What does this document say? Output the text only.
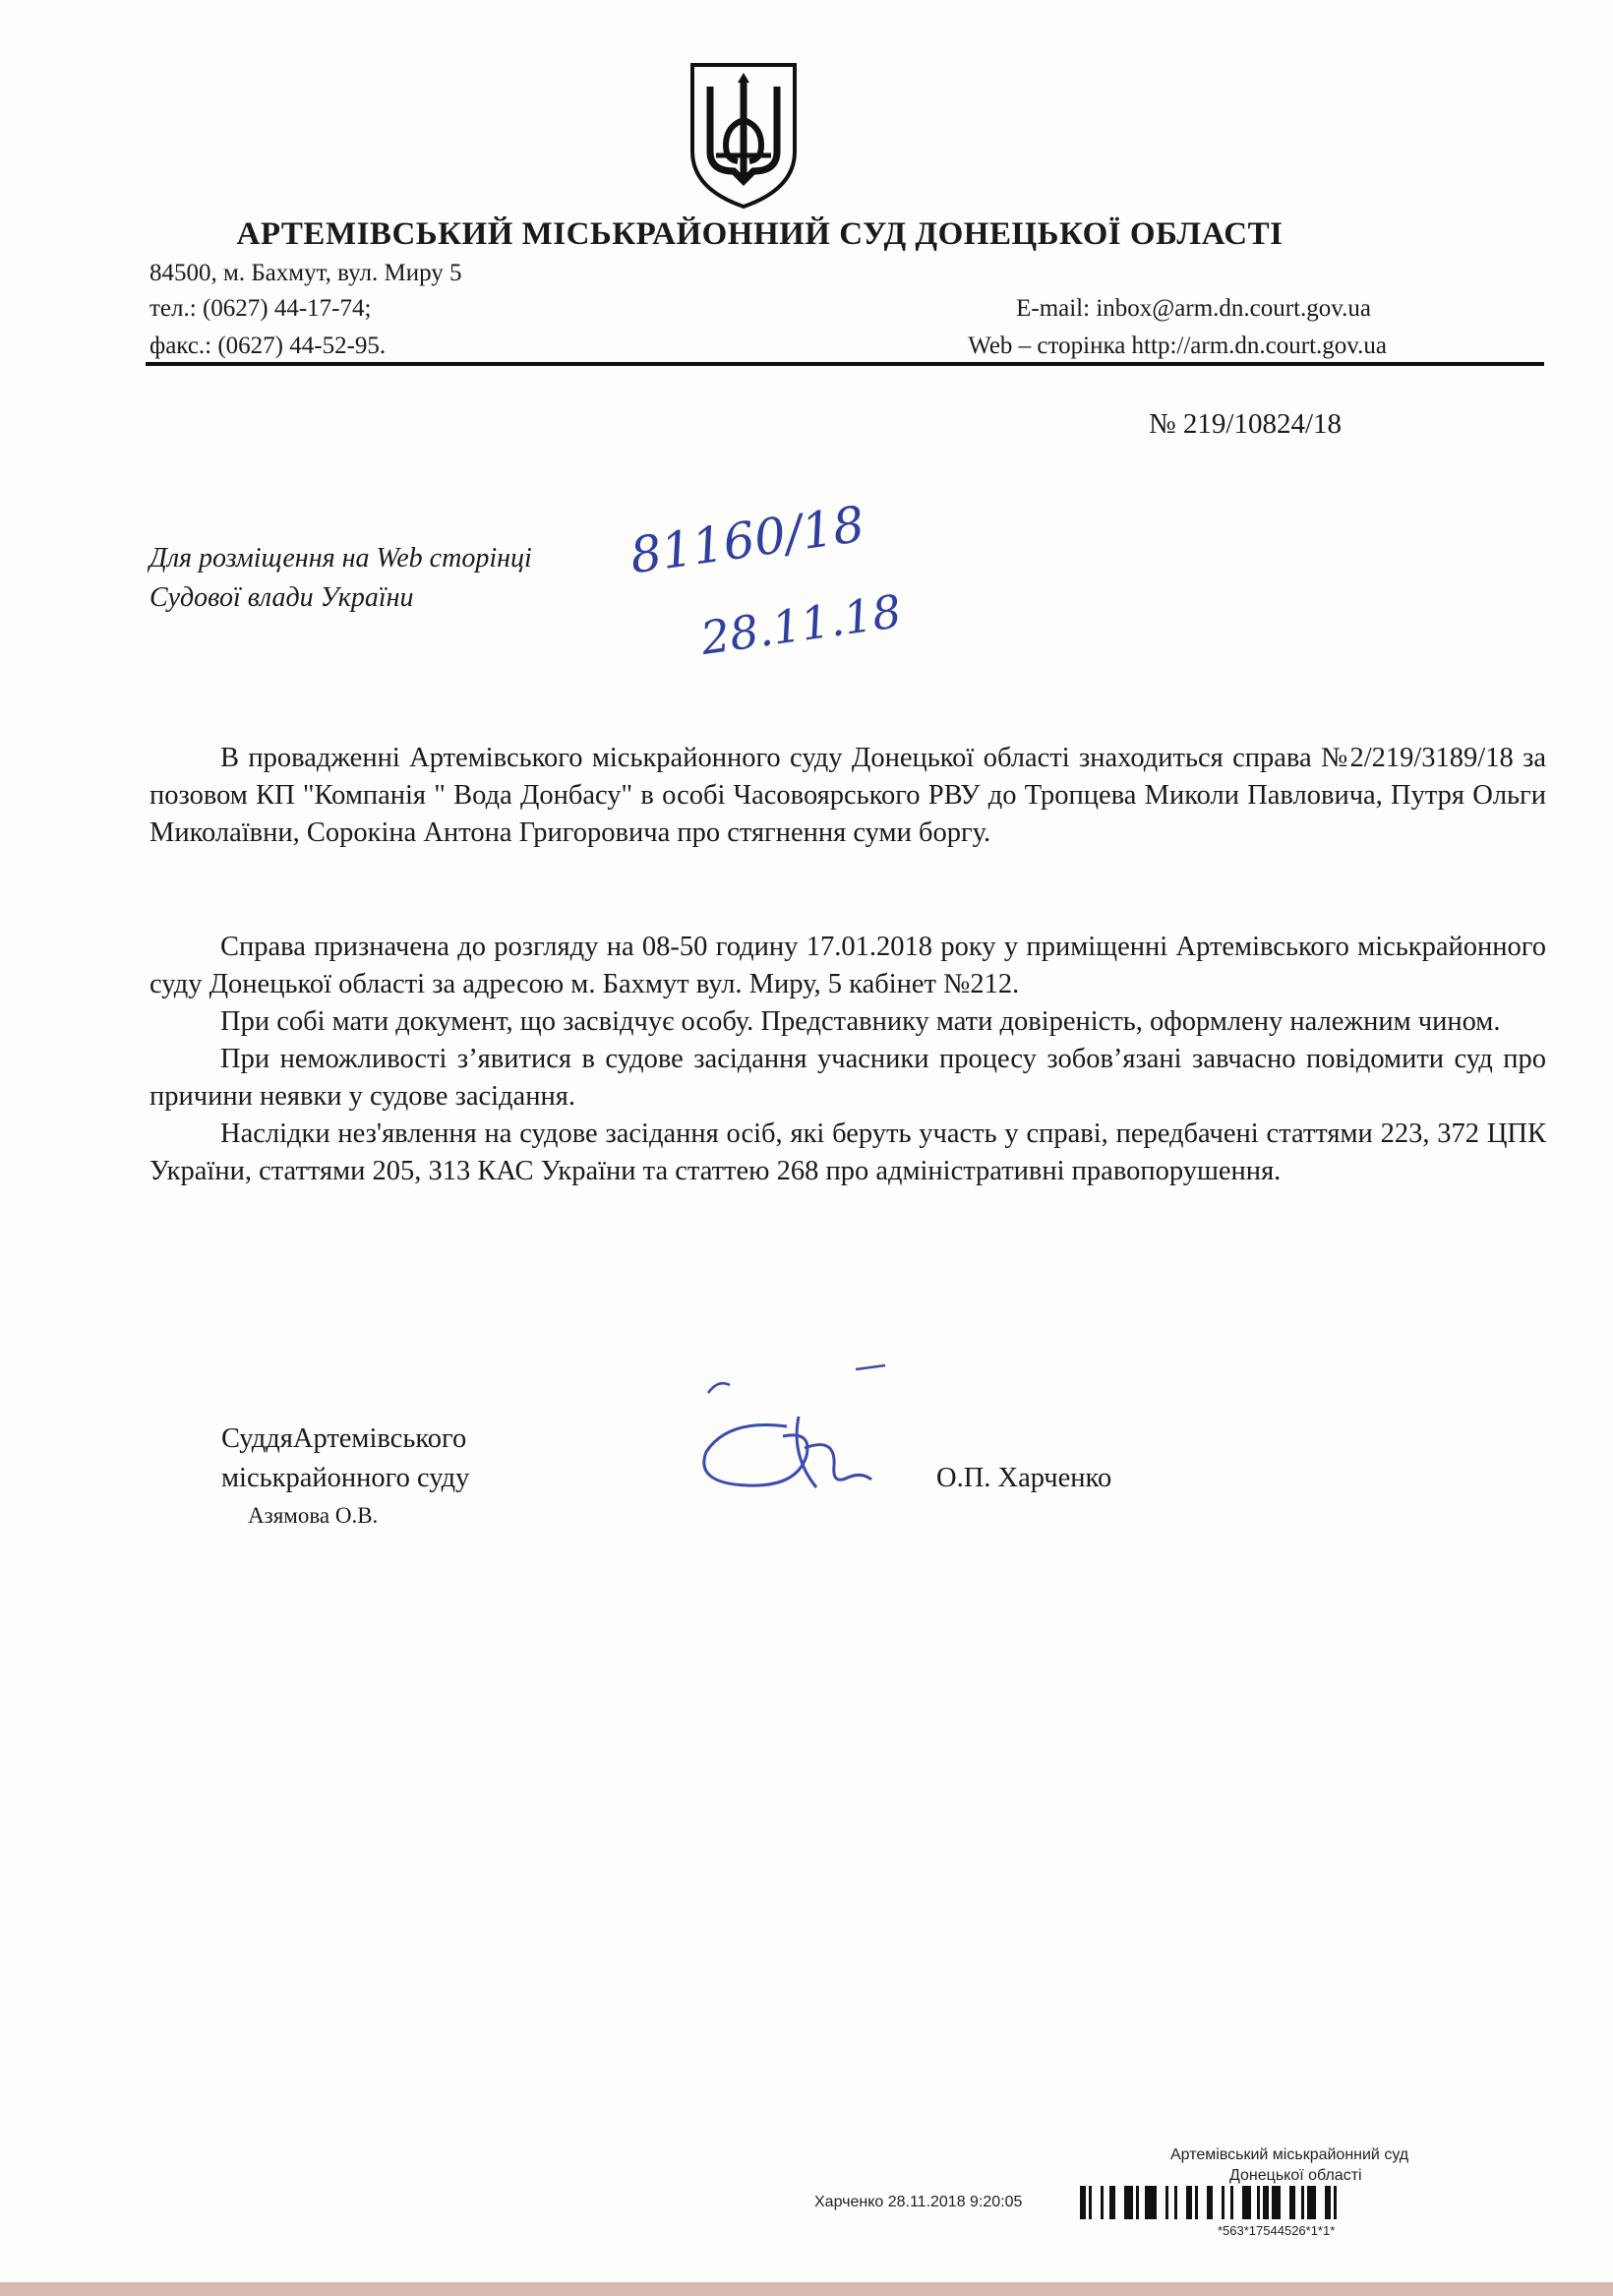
АРТЕМІВСЬКИЙ МІСЬКРАЙОННИЙ СУД ДОНЕЦЬКОЇ ОБЛАСТІ
84500, м. Бахмут, вул. Миру 5
тел.: (0627) 44-17-74;	E-mail: inbox@arm.dn.court.gov.ua
факс.: (0627) 44-52-95.	Web – сторінка http://arm.dn.court.gov.ua
№ 219/10824/18
Для розміщення на Web сторінці
Судової влади України
81160/18
28.11.18

В провадженні Артемівського міськрайонного суду Донецької області знаходиться справа №2/219/3189/18 за позовом КП "Компанія " Вода Донбасу" в особі Часовоярського РВУ до Тропцева Миколи Павловича, Путря Ольги Миколаївни, Сорокіна Антона Григоровича про стягнення суми боргу.

Справа призначена до розгляду на 08-50 годину 17.01.2018 року у приміщенні Артемівського міськрайонного суду Донецької області за адресою м. Бахмут вул. Миру, 5 кабінет №212.

При собі мати документ, що засвідчує особу. Представнику мати довіреність, оформлену належним чином.

При неможливості з’явитися в судове засідання учасники процесу зобов’язані завчасно повідомити суд про причини неявки у судове засідання.

Наслідки нез'явлення на судове засідання осіб, які беруть участь у справі, передбачені статтями 223, 372 ЦПК України, статтями 205, 313 КАС України та статтею 268 про адміністративні правопорушення.

СуддяАртемівського
міськрайонного суду
Азямова О.В.
О.П. Харченко
Артемівський міськрайонний суд
Донецької області
Харченко 28.11.2018 9:20:05
*563*17544526*1*1*
